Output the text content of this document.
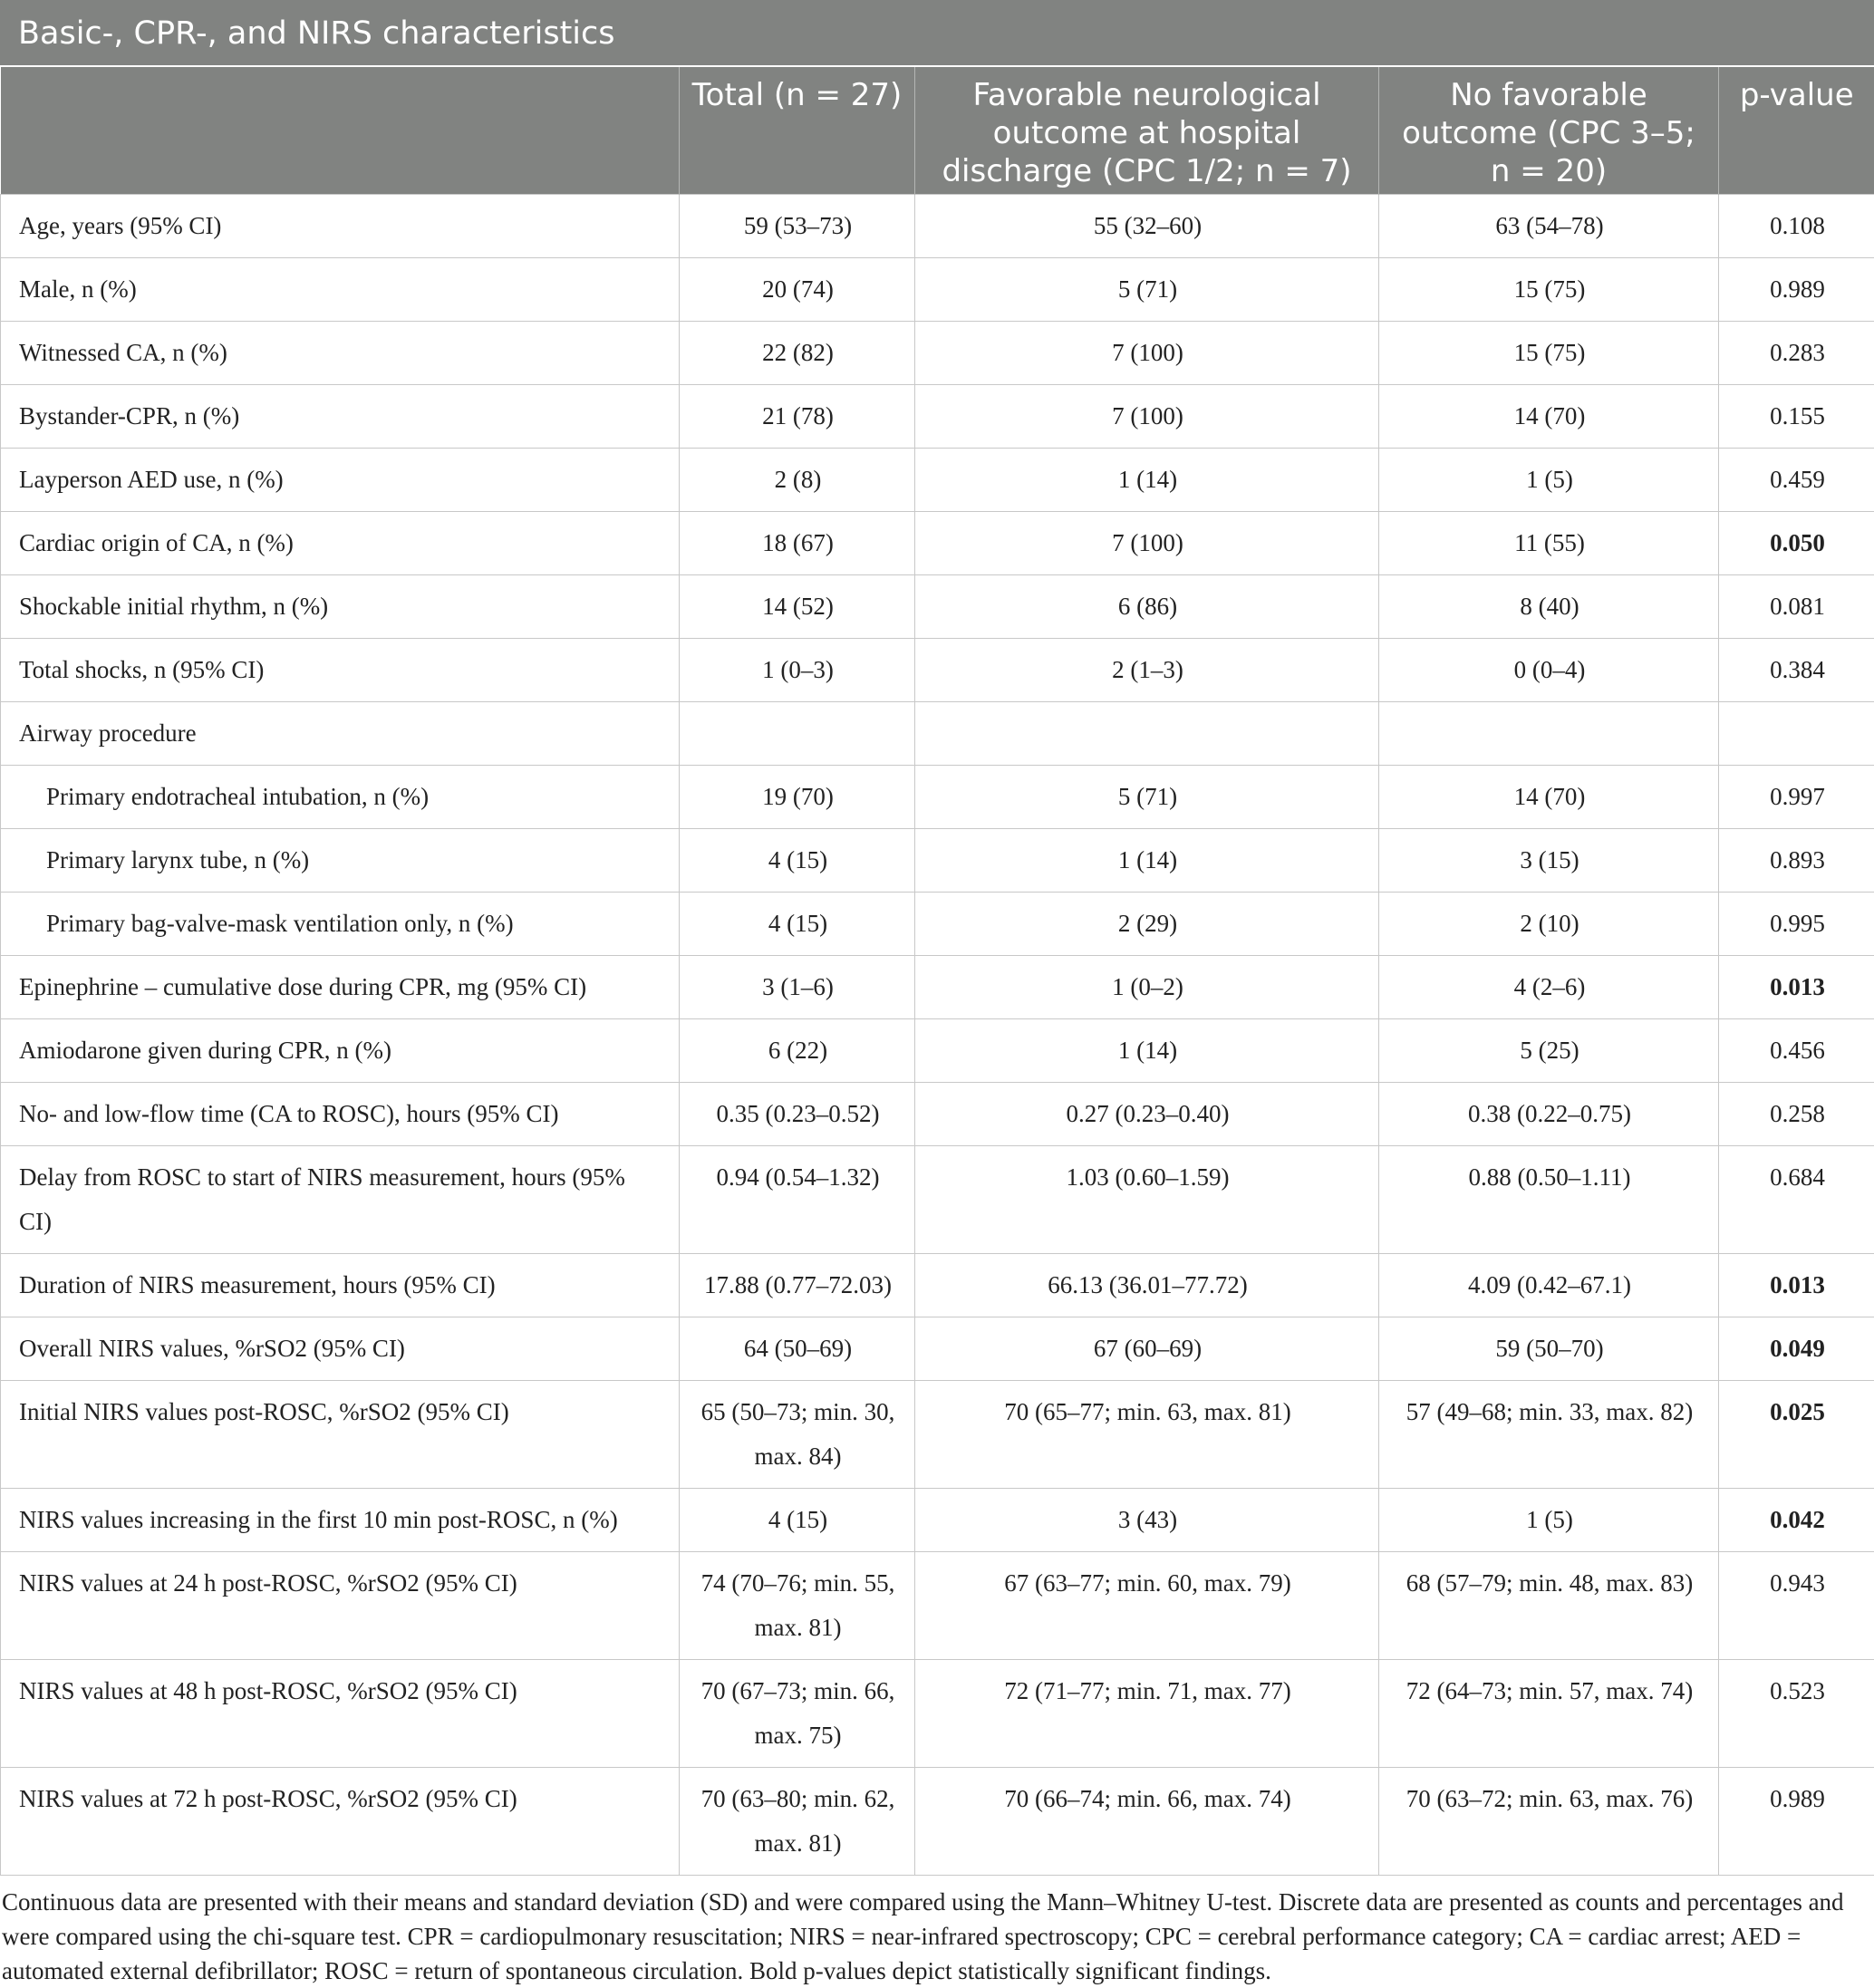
Basic-, CPR-, and NIRS characteristics
	Total (n = 27)	Favorable neurological outcome at hospital discharge (CPC 1/2; n = 7)	No favorable outcome (CPC 3–5; n = 20)	p-value
Age, years (95% CI)	59 (53–73)	55 (32–60)	63 (54–78)	0.108
Male, n (%)	20 (74)	5 (71)	15 (75)	0.989
Witnessed CA, n (%)	22 (82)	7 (100)	15 (75)	0.283
Bystander-CPR, n (%)	21 (78)	7 (100)	14 (70)	0.155
Layperson AED use, n (%)	2 (8)	1 (14)	1 (5)	0.459
Cardiac origin of CA, n (%)	18 (67)	7 (100)	11 (55)	0.050
Shockable initial rhythm, n (%)	14 (52)	6 (86)	8 (40)	0.081
Total shocks, n (95% CI)	1 (0–3)	2 (1–3)	0 (0–4)	0.384
Airway procedure				
Primary endotracheal intubation, n (%)	19 (70)	5 (71)	14 (70)	0.997
Primary larynx tube, n (%)	4 (15)	1 (14)	3 (15)	0.893
Primary bag-valve-mask ventilation only, n (%)	4 (15)	2 (29)	2 (10)	0.995
Epinephrine – cumulative dose during CPR, mg (95% CI)	3 (1–6)	1 (0–2)	4 (2–6)	0.013
Amiodarone given during CPR, n (%)	6 (22)	1 (14)	5 (25)	0.456
No- and low-flow time (CA to ROSC), hours (95% CI)	0.35 (0.23–0.52)	0.27 (0.23–0.40)	0.38 (0.22–0.75)	0.258
Delay from ROSC to start of NIRS measurement, hours (95% CI)	0.94 (0.54–1.32)	1.03 (0.60–1.59)	0.88 (0.50–1.11)	0.684
Duration of NIRS measurement, hours (95% CI)	17.88 (0.77–72.03)	66.13 (36.01–77.72)	4.09 (0.42–67.1)	0.013
Overall NIRS values, %rSO2 (95% CI)	64 (50–69)	67 (60–69)	59 (50–70)	0.049
Initial NIRS values post-ROSC, %rSO2 (95% CI)	65 (50–73; min. 30, max. 84)	70 (65–77; min. 63, max. 81)	57 (49–68; min. 33, max. 82)	0.025
NIRS values increasing in the first 10 min post-ROSC, n (%)	4 (15)	3 (43)	1 (5)	0.042
NIRS values at 24 h post-ROSC, %rSO2 (95% CI)	74 (70–76; min. 55, max. 81)	67 (63–77; min. 60, max. 79)	68 (57–79; min. 48, max. 83)	0.943
NIRS values at 48 h post-ROSC, %rSO2 (95% CI)	70 (67–73; min. 66, max. 75)	72 (71–77; min. 71, max. 77)	72 (64–73; min. 57, max. 74)	0.523
NIRS values at 72 h post-ROSC, %rSO2 (95% CI)	70 (63–80; min. 62, max. 81)	70 (66–74; min. 66, max. 74)	70 (63–72; min. 63, max. 76)	0.989
Continuous data are presented with their means and standard deviation (SD) and were compared using the Mann–Whitney U-test. Discrete data are presented as counts and percentages and were compared using the chi-square test. CPR = cardiopulmonary resuscitation; NIRS = near-infrared spectroscopy; CPC = cerebral performance category; CA = cardiac arrest; AED = automated external defibrillator; ROSC = return of spontaneous circulation. Bold p-values depict statistically significant findings.
